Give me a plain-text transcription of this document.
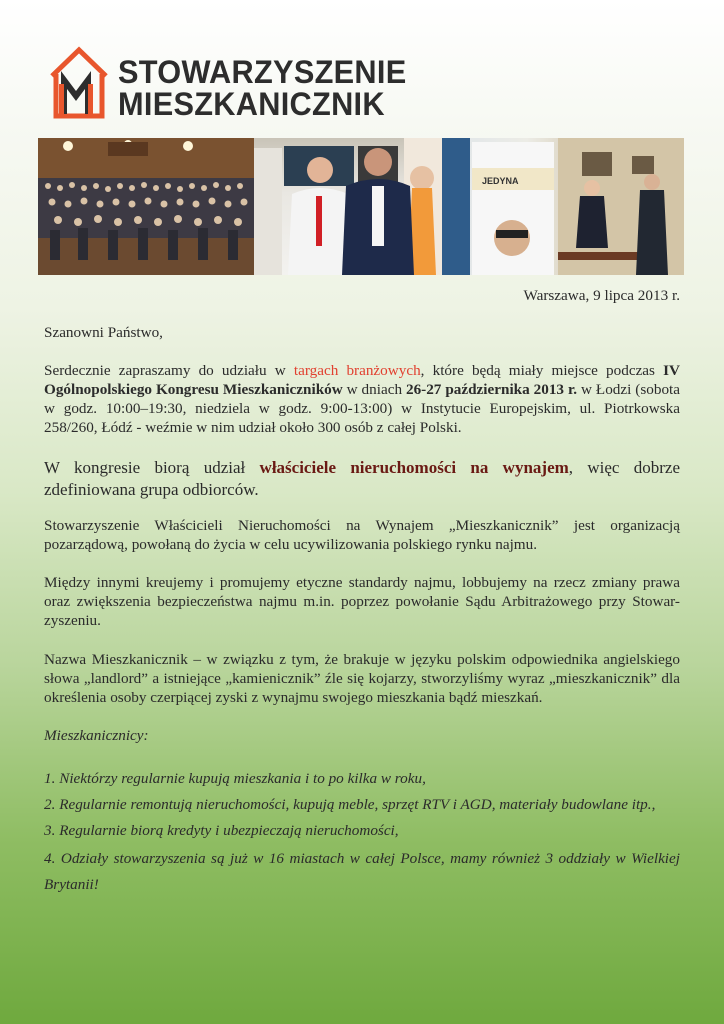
STOWARZYSZENIE
MIESZKANICZNIK
JEDYNA
Warszawa, 9 lipca 2013 r.
Szanowni Państwo,
Serdecznie zapraszamy do udziału w targach branżowych, które będą miały miejsce podczas IV Ogólnopolskiego Kongresu Mieszkaniczników w dniach 26-27 października 2013 r. w Łodzi (sobota w godz. 10:00–19:30, niedziela w godz. 9:00-13:00) w Instytucie Europejskim, ul. Piotrkowska 258/260, Łódź - weźmie w nim udział około 300 osób z całej Polski.
W kongresie biorą udział właściciele nieruchomości na wynajem, więc dobrze zdefiniowana grupa odbiorców.
Stowarzyszenie Właścicieli Nieruchomości na Wynajem „Mieszkanicznik” jest organizacją pozarządową, powołaną do życia w celu ucywilizowania polskiego rynku najmu.
Między innymi kreujemy i promujemy etyczne standardy najmu, lobbujemy na rzecz zmiany prawa oraz zwiększenia bezpieczeństwa najmu m.in. poprzez powołanie Sądu Arbitrażowego przy Stowar-zyszeniu.
Nazwa Mieszkanicznik – w związku z tym, że brakuje w języku polskim odpowiednika angielskiego słowa „landlord” a istniejące „kamienicznik” źle się kojarzy, stworzyliśmy wyraz „mieszkanicznik” dla określenia osoby czerpiącej zyski z wynajmu swojego mieszkania bądź mieszkań.
Mieszkanicznicy:
1. Niektórzy regularnie kupują mieszkania i to po kilka w roku,
2. Regularnie remontują nieruchomości, kupują meble, sprzęt RTV i AGD, materiały budowlane itp.,
3. Regularnie biorą kredyty i ubezpieczają nieruchomości,
4. Odziały stowarzyszenia są już w 16 miastach w całej Polsce, mamy również 3 oddziały w Wielkiej Brytanii!
